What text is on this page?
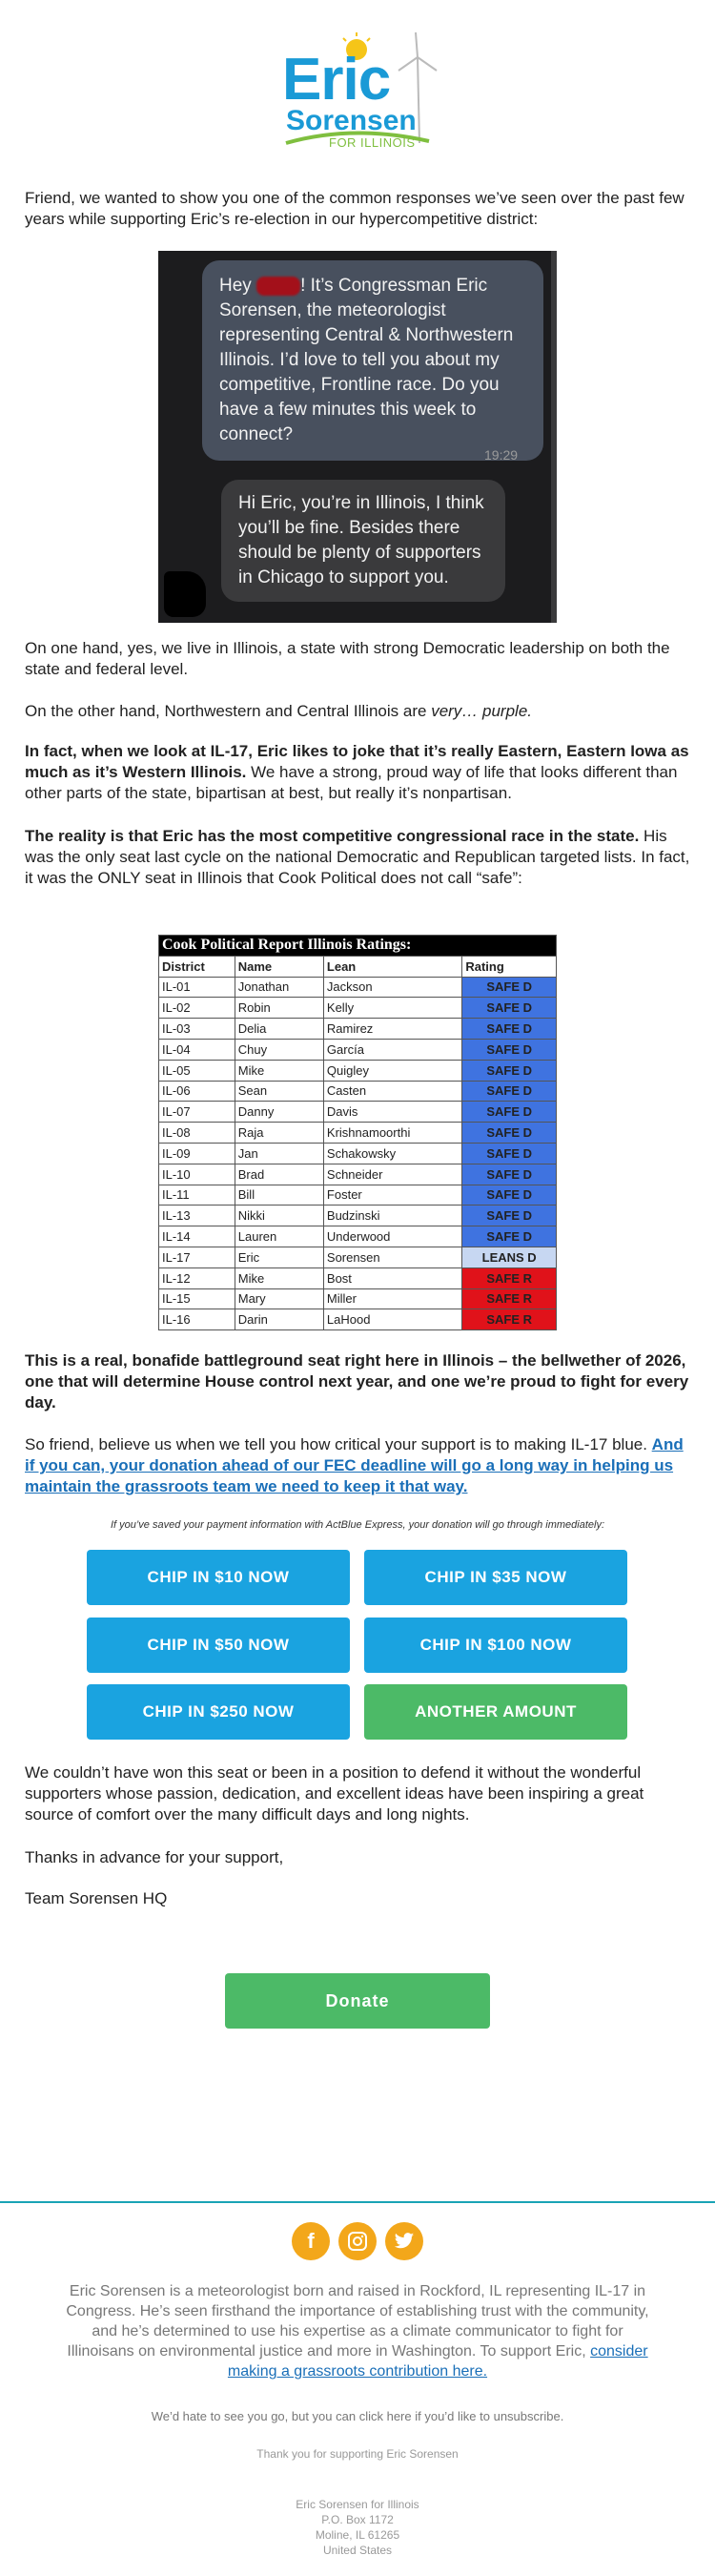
Eric
Sorensen
FOR ILLINOIS

Friend, we wanted to show you one of the common responses we’ve seen over the past few years while supporting Eric’s re-election in our hypercompetitive district:

Hey	! It’s Congressman Eric Sorensen, the meteorologist representing Central & Northwestern Illinois. I’d love to tell you about my competitive, Frontline race. Do you have a few minutes this week to connect?
19:29
Hi Eric, you’re in Illinois, I think you’ll be fine. Besides there should be plenty of supporters in Chicago to support you.

On one hand, yes, we live in Illinois, a state with strong Democratic leadership on both the state and federal level.

On the other hand, Northwestern and Central Illinois are very… purple.

In fact, when we look at IL-17, Eric likes to joke that it’s really Eastern, Eastern Iowa as much as it’s Western Illinois. We have a strong, proud way of life that looks different than other parts of the state, bipartisan at best, but really it’s nonpartisan.

The reality is that Eric has the most competitive congressional race in the state. His was the only seat last cycle on the national Democratic and Republican targeted lists. In fact, it was the ONLY seat in Illinois that Cook Political does not call “safe”:

Cook Political Report Illinois Ratings:			
District	Name	Lean	Rating
IL-01	Jonathan	Jackson	SAFE D
IL-02	Robin	Kelly	SAFE D
IL-03	Delia	Ramirez	SAFE D
IL-04	Chuy	García	SAFE D
IL-05	Mike	Quigley	SAFE D
IL-06	Sean	Casten	SAFE D
IL-07	Danny	Davis	SAFE D
IL-08	Raja	Krishnamoorthi	SAFE D
IL-09	Jan	Schakowsky	SAFE D
IL-10	Brad	Schneider	SAFE D
IL-11	Bill	Foster	SAFE D
IL-13	Nikki	Budzinski	SAFE D
IL-14	Lauren	Underwood	SAFE D
IL-17	Eric	Sorensen	LEANS D
IL-12	Mike	Bost	SAFE R
IL-15	Mary	Miller	SAFE R
IL-16	Darin	LaHood	SAFE R

This is a real, bonafide battleground seat right here in Illinois – the bellwether of 2026, one that will determine House control next year, and one we’re proud to fight for every day.

So friend, believe us when we tell you how critical your support is to making IL-17 blue. And if you can, your donation ahead of our FEC deadline will go a long way in helping us maintain the grassroots team we need to keep it that way.

If you’ve saved your payment information with ActBlue Express, your donation will go through immediately:
CHIP IN $10 NOW	CHIP IN $35 NOW
CHIP IN $50 NOW	CHIP IN $100 NOW
CHIP IN $250 NOW	ANOTHER AMOUNT

We couldn’t have won this seat or been in a position to defend it without the wonderful supporters whose passion, dedication, and excellent ideas have been inspiring a great source of comfort over the many difficult days and long nights.

Thanks in advance for your support,

Team Sorensen HQ

Donate
f
Eric Sorensen is a meteorologist born and raised in Rockford, IL representing IL-17 in Congress. He’s seen firsthand the importance of establishing trust with the community, and he’s determined to use his expertise as a climate communicator to fight for Illinoisans on environmental justice and more in Washington. To support Eric, consider making a grassroots contribution here.
We’d hate to see you go, but you can click here if you’d like to unsubscribe.
Thank you for supporting Eric Sorensen
Eric Sorensen for Illinois
P.O. Box 1172
Moline, IL 61265
United States
